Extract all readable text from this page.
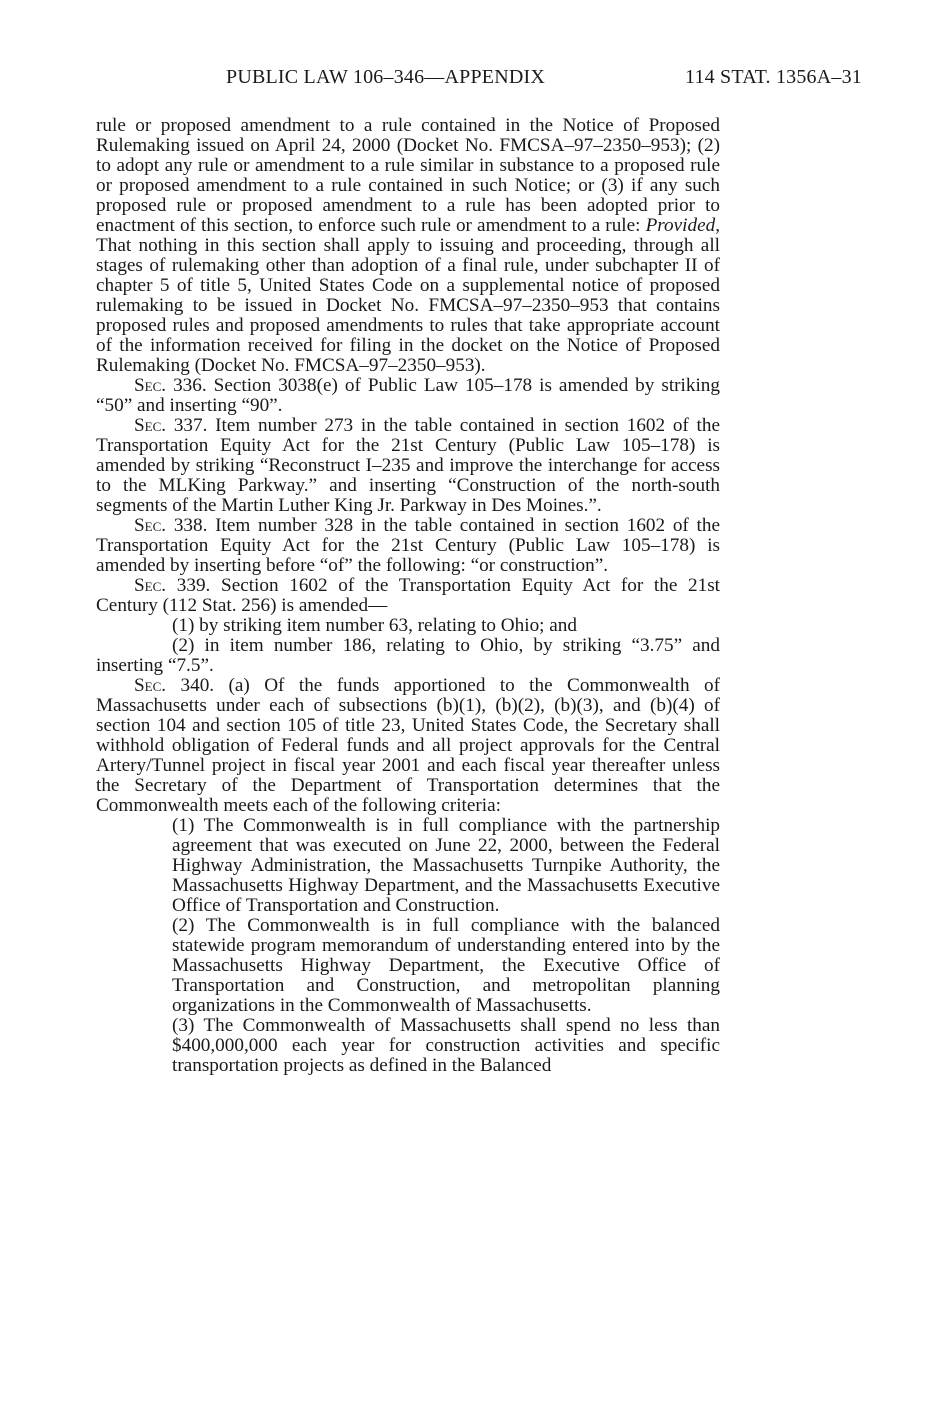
PUBLIC LAW 106–346—APPENDIX	114 STAT. 1356A–31

rule or proposed amendment to a rule contained in the Notice of Proposed Rulemaking issued on April 24, 2000 (Docket No. FMCSA–97–2350–953); (2) to adopt any rule or amendment to a rule similar in substance to a proposed rule or proposed amendment to a rule contained in such Notice; or (3) if any such proposed rule or proposed amendment to a rule has been adopted prior to enactment of this section, to enforce such rule or amendment to a rule: Provided, That nothing in this section shall apply to issuing and proceeding, through all stages of rulemaking other than adoption of a final rule, under subchapter II of chapter 5 of title 5, United States Code on a supplemental notice of proposed rulemaking to be issued in Docket No. FMCSA–97–2350–953 that contains proposed rules and proposed amendments to rules that take appropriate account of the information received for filing in the docket on the Notice of Proposed Rulemaking (Docket No. FMCSA–97–2350–953).

Sec. 336. Section 3038(e) of Public Law 105–178 is amended by striking “50” and inserting “90”.

Sec. 337. Item number 273 in the table contained in section 1602 of the Transportation Equity Act for the 21st Century (Public Law 105–178) is amended by striking “Reconstruct I–235 and improve the interchange for access to the MLKing Parkway.” and inserting “Construction of the north-south segments of the Martin Luther King Jr. Parkway in Des Moines.”.

Sec. 338. Item number 328 in the table contained in section 1602 of the Transportation Equity Act for the 21st Century (Public Law 105–178) is amended by inserting before “of” the following: “or construction”.

Sec. 339. Section 1602 of the Transportation Equity Act for the 21st Century (112 Stat. 256) is amended—

(1) by striking item number 63, relating to Ohio; and

(2) in item number 186, relating to Ohio, by striking “3.75” and inserting “7.5”.

Sec. 340. (a) Of the funds apportioned to the Commonwealth of Massachusetts under each of subsections (b)(1), (b)(2), (b)(3), and (b)(4) of section 104 and section 105 of title 23, United States Code, the Secretary shall withhold obligation of Federal funds and all project approvals for the Central Artery/Tunnel project in fiscal year 2001 and each fiscal year thereafter unless the Secretary of the Department of Transportation determines that the Commonwealth meets each of the following criteria:

(1) The Commonwealth is in full compliance with the partnership agreement that was executed on June 22, 2000, between the Federal Highway Administration, the Massachusetts Turnpike Authority, the Massachusetts Highway Department, and the Massachusetts Executive Office of Transportation and Construction.

(2) The Commonwealth is in full compliance with the balanced statewide program memorandum of understanding entered into by the Massachusetts Highway Department, the Executive Office of Transportation and Construction, and metropolitan planning organizations in the Commonwealth of Massachusetts.

(3) The Commonwealth of Massachusetts shall spend no less than $400,000,000 each year for construction activities and specific transportation projects as defined in the Balanced
